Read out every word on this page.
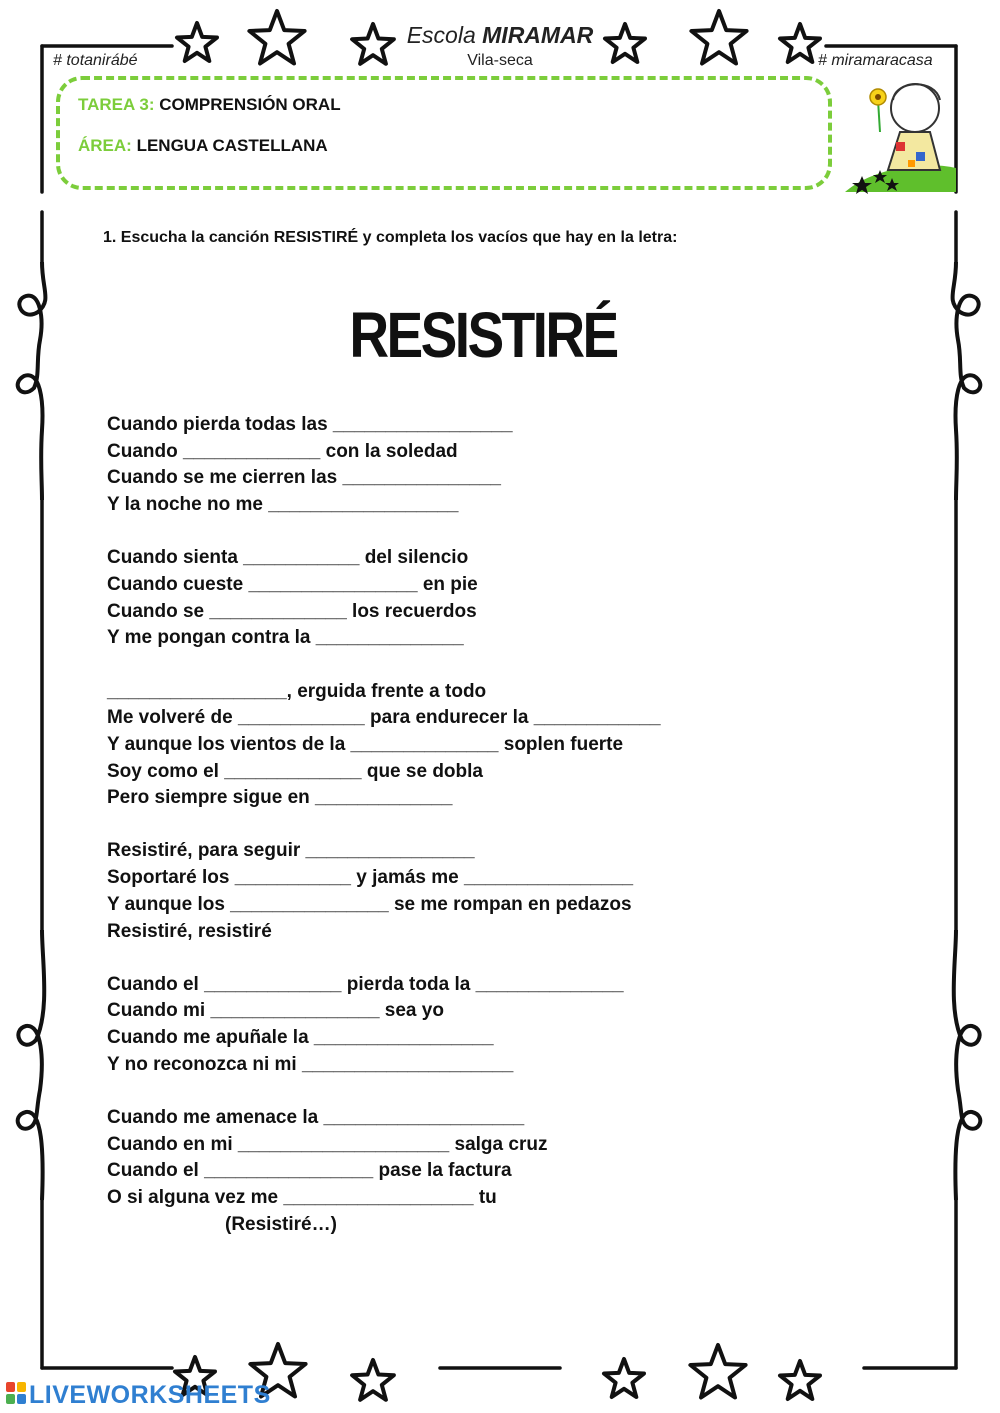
Escola MIRAMAR
Vila-seca
# totanirábé	# miramaracasa
TAREA 3: COMPRENSIÓN ORAL
ÁREA: LENGUA CASTELLANA
1. Escucha la canción RESISTIRÉ y completa los vacíos que hay en la letra:
RESISTIRÉ
Cuando pierda todas las _________________
Cuando _____________ con la soledad
Cuando se me cierren las _______________
Y la noche no me __________________
Cuando sienta ___________ del silencio
Cuando cueste ________________ en pie
Cuando se _____________ los recuerdos
Y me pongan contra la ______________
_________________, erguida frente a todo
Me volveré de ____________ para endurecer la ____________
Y aunque los vientos de la ______________ soplen fuerte
Soy como el _____________ que se dobla
Pero siempre sigue en _____________
Resistiré, para seguir ________________
Soportaré los ___________ y jamás me ________________
Y aunque los _______________ se me rompan en pedazos
Resistiré, resistiré
Cuando el _____________ pierda toda la ______________
Cuando mi ________________ sea yo
Cuando me apuñale la _________________
Y no reconozca ni mi ____________________
Cuando me amenace la ___________________
Cuando en mi ____________________ salga cruz
Cuando el ________________ pase la factura
O si alguna vez me __________________ tu
(Resistiré…)
LIVEWORKSHEETS
